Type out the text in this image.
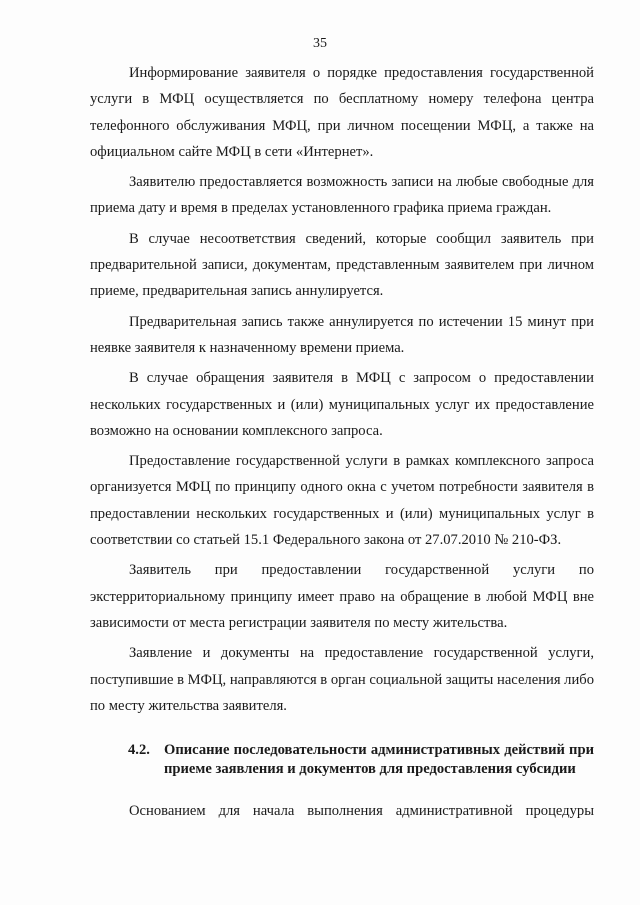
35

Информирование заявителя о порядке предоставления государственной услуги в МФЦ осуществляется по бесплатному номеру телефона центра телефонного обслуживания МФЦ, при личном посещении МФЦ, а также на официальном сайте МФЦ в сети «Интернет».

Заявителю предоставляется возможность записи на любые свободные для приема дату и время в пределах установленного графика приема граждан.

В случае несоответствия сведений, которые сообщил заявитель при предварительной записи, документам, представленным заявителем при личном приеме, предварительная запись аннулируется.

Предварительная запись также аннулируется по истечении 15 минут при неявке заявителя к назначенному времени приема.

В случае обращения заявителя в МФЦ с запросом о предоставлении нескольких государственных и (или) муниципальных услуг их предоставление возможно на основании комплексного запроса.

Предоставление государственной услуги в рамках комплексного запроса организуется МФЦ по принципу одного окна с учетом потребности заявителя в предоставлении нескольких государственных и (или) муниципальных услуг в соответствии со статьей 15.1 Федерального закона от 27.07.2010 № 210-ФЗ.

Заявитель при предоставлении государственной услуги по экстерриториальному принципу имеет право на обращение в любой МФЦ вне зависимости от места регистрации заявителя по месту жительства.

Заявление и документы на предоставление государственной услуги, поступившие в МФЦ, направляются в орган социальной защиты населения либо по месту жительства заявителя.

4.2. Описание последовательности административных действий при приеме заявления и документов для предоставления субсидии

Основанием для начала выполнения административной процедуры
